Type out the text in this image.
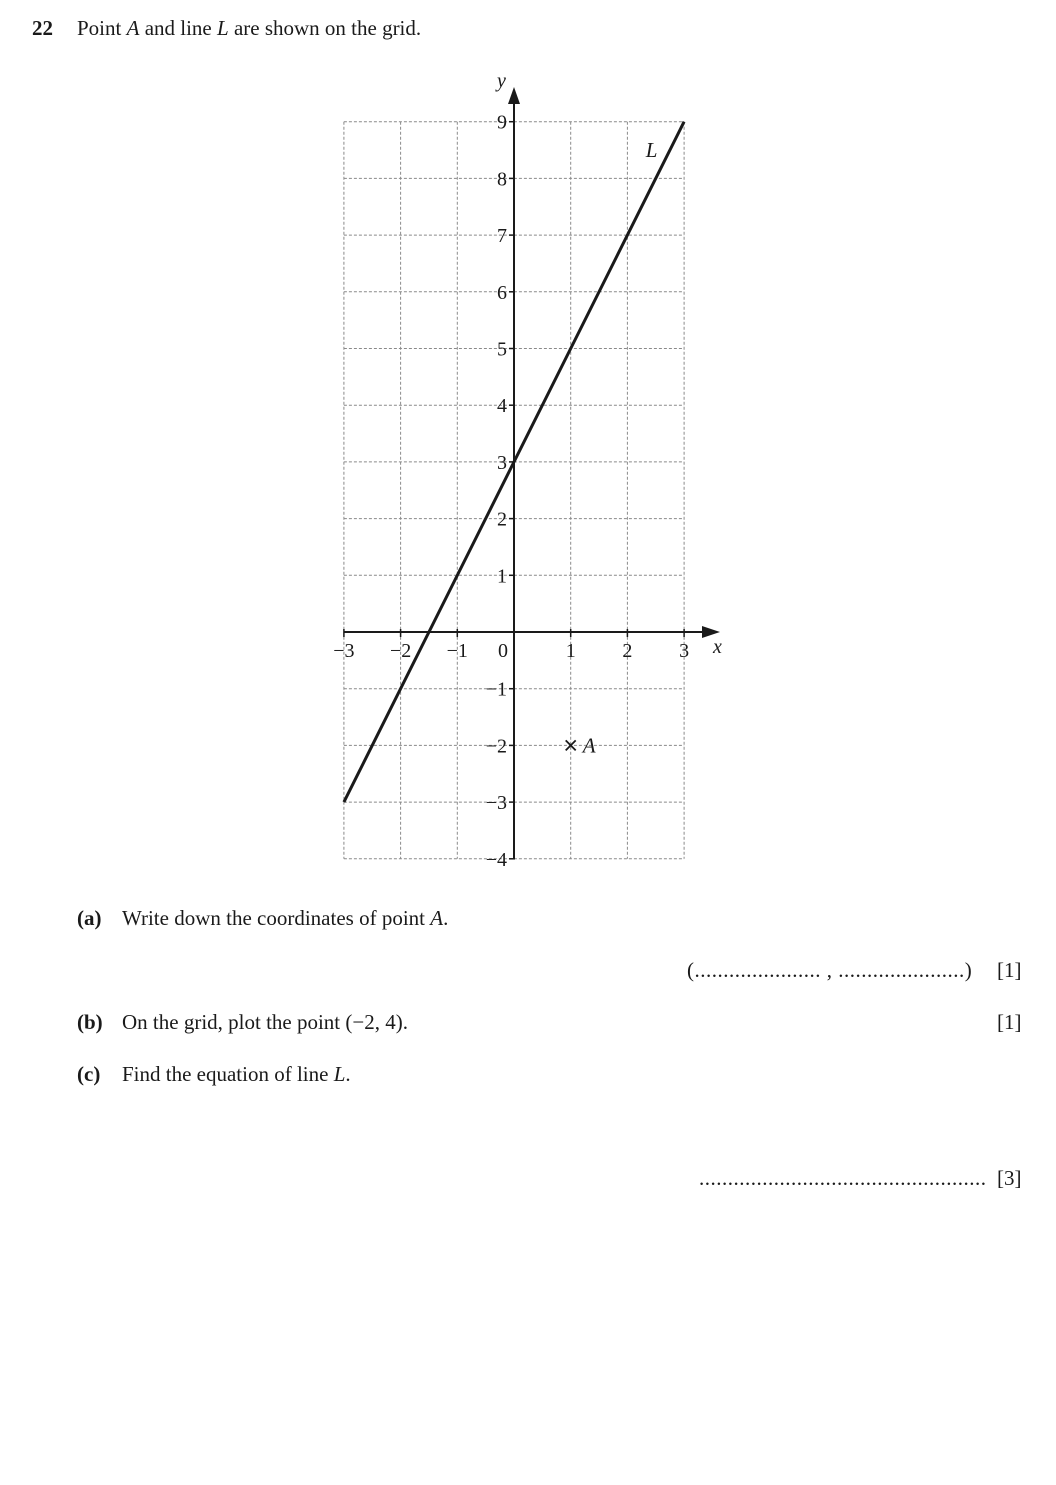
22 Point A and line L are shown on the grid.
x
y
−3 −2 −1 0	1 2 3
−4
−3
−2
−1
1
2
3
4
5
6
7
8
9
L
A
(a) Write down the coordinates of point A.
(...................... , ......................) [1]
(b) On the grid, plot the point (−2, 4).	[1]
(c) Find the equation of line L.
.................................................. [3]
